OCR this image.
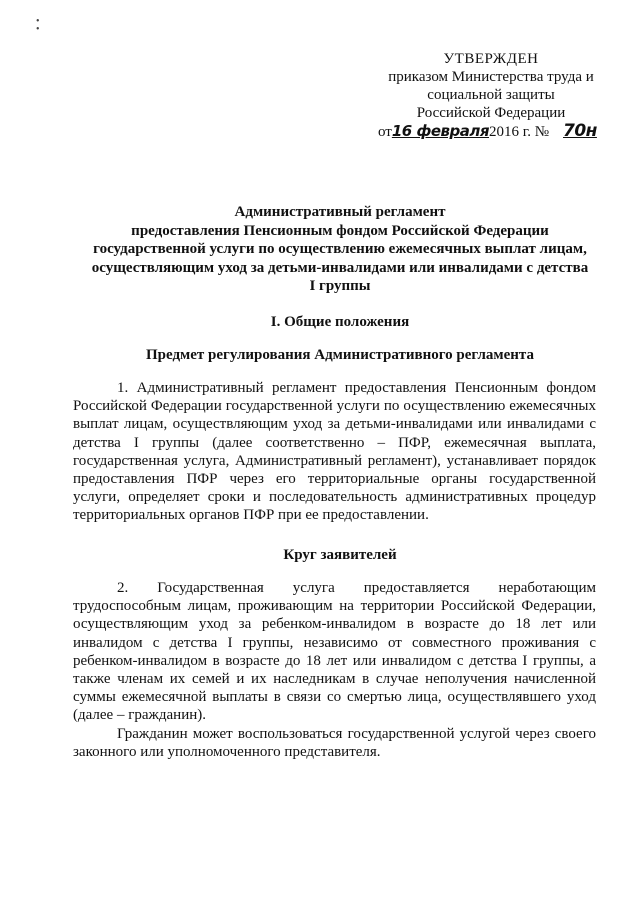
•
•
УТВЕРЖДЕН
приказом Министерства труда и
социальной защиты
Российской Федерации
от16 февраля2016 г. № 70н
Административный регламент
предоставления Пенсионным фондом Российской Федерации
государственной услуги по осуществлению ежемесячных выплат лицам,
осуществляющим уход за детьми-инвалидами или инвалидами с детства
I группы
I. Общие положения
Предмет регулирования Административного регламента
1. Административный регламент предоставления Пенсионным фондом Российской Федерации государственной услуги по осуществлению ежемесячных выплат лицам, осуществляющим уход за детьми-инвалидами или инвалидами с детства I группы (далее соответственно – ПФР, ежемесячная выплата, государственная услуга, Административный регламент), устанавливает порядок предоставления ПФР через его территориальные органы государственной услуги, определяет сроки и последовательность административных процедур территориальных органов ПФР при ее предоставлении.
Круг заявителей
2. Государственная услуга предоставляется неработающим трудоспособным лицам, проживающим на территории Российской Федерации, осуществляющим уход за ребенком-инвалидом в возрасте до 18 лет или инвалидом с детства I группы, независимо от совместного проживания с ребенком-инвалидом в возрасте до 18 лет или инвалидом с детства I группы, а также членам их семей и их наследникам в случае неполучения начисленной суммы ежемесячной выплаты в связи со смертью лица, осуществлявшего уход (далее – гражданин).
Гражданин может воспользоваться государственной услугой через своего законного или уполномоченного представителя.
